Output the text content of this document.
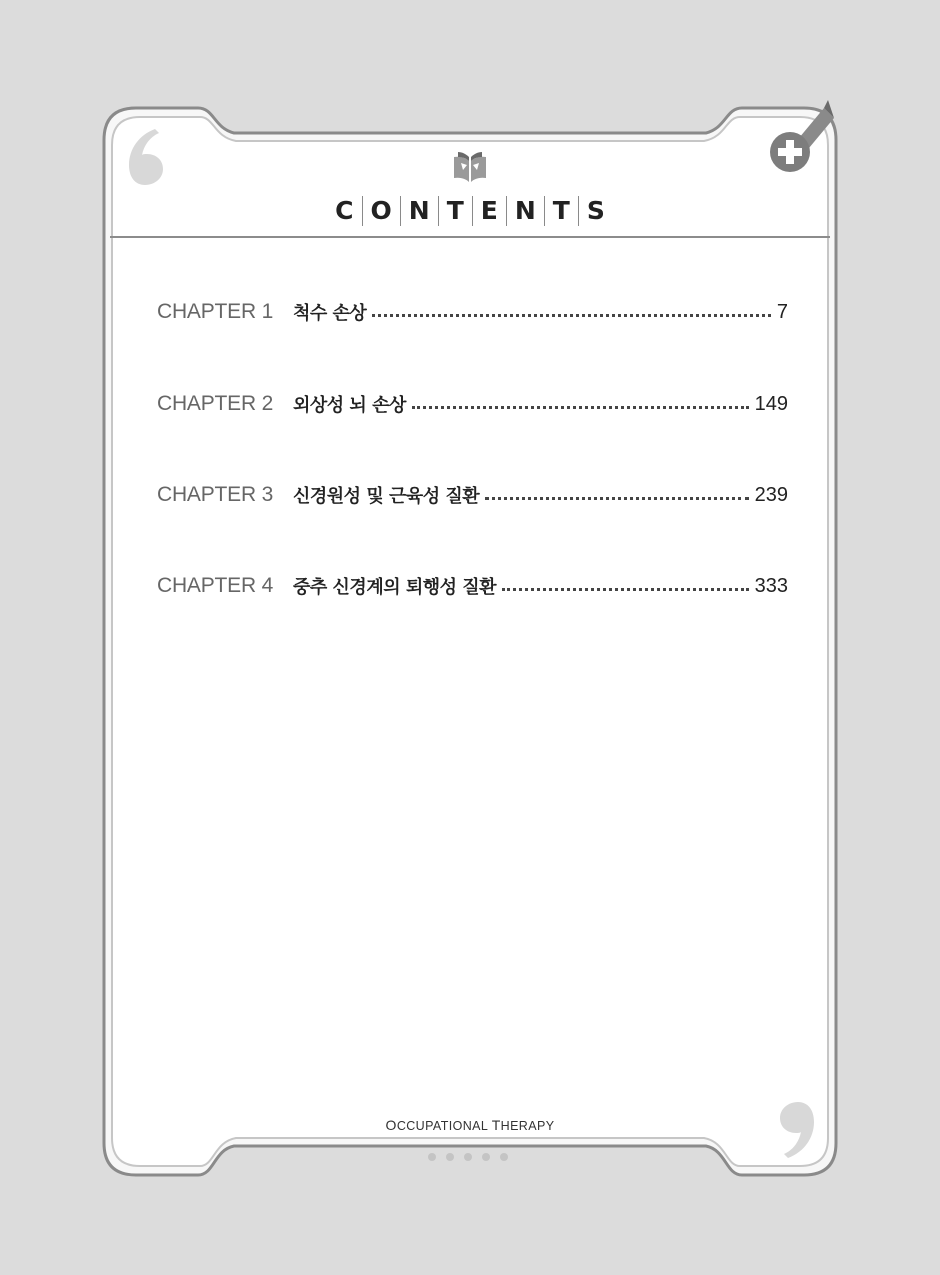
C O N T E N T S
CHAPTER 1	척수 손상	7
CHAPTER 2	외상성 뇌 손상	149
CHAPTER 3	신경원성 및 근육성 질환	239
CHAPTER 4	중추 신경계의 퇴행성 질환	333
OCCUPATIONAL THERAPY
